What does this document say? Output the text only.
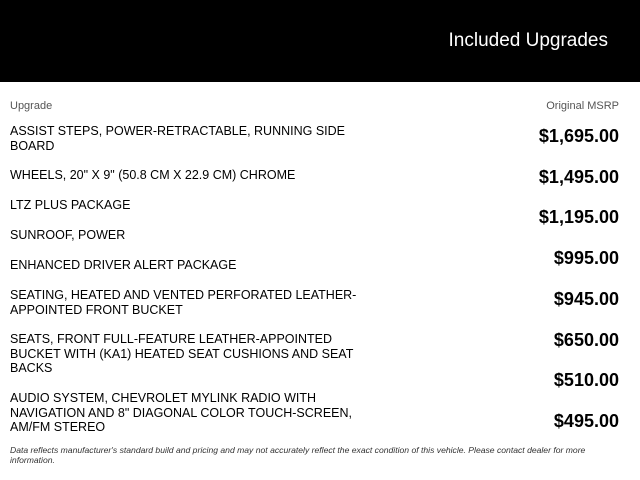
Included Upgrades
Upgrade	Original MSRP
ASSIST STEPS, POWER-RETRACTABLE, RUNNING SIDE BOARD
WHEELS, 20" X 9" (50.8 CM X 22.9 CM) CHROME
LTZ PLUS PACKAGE
SUNROOF, POWER
ENHANCED DRIVER ALERT PACKAGE
SEATING, HEATED AND VENTED PERFORATED LEATHER-APPOINTED FRONT BUCKET
SEATS, FRONT FULL-FEATURE LEATHER-APPOINTED BUCKET WITH (KA1) HEATED SEAT CUSHIONS AND SEAT BACKS
AUDIO SYSTEM, CHEVROLET MYLINK RADIO WITH NAVIGATION AND 8" DIAGONAL COLOR TOUCH-SCREEN, AM/FM STEREO
$1,695.00
$1,495.00
$1,195.00
$995.00
$945.00
$650.00
$510.00
$495.00
Data reflects manufacturer's standard build and pricing and may not accurately reflect the exact condition of this vehicle. Please contact dealer for more information.
